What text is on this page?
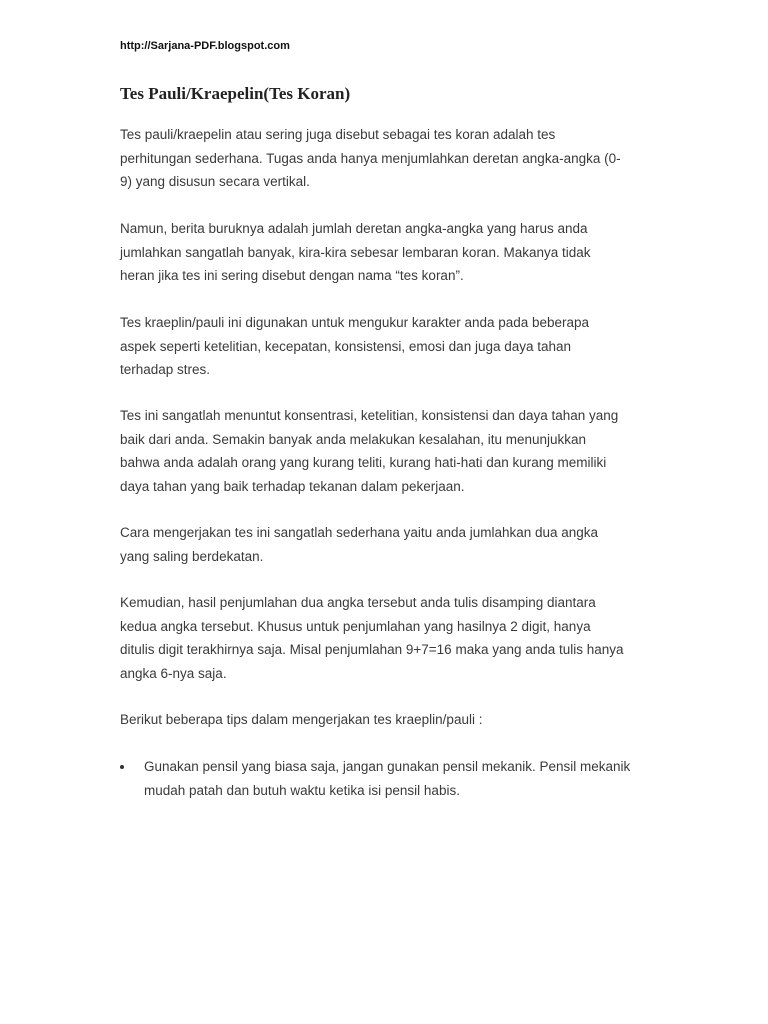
http://Sarjana-PDF.blogspot.com

Tes Pauli/Kraepelin(Tes Koran)

Tes pauli/kraepelin atau sering juga disebut sebagai tes koran adalah tes
perhitungan sederhana. Tugas anda hanya menjumlahkan deretan angka-angka (0-
9) yang disusun secara vertikal.

Namun, berita buruknya adalah jumlah deretan angka-angka yang harus anda
jumlahkan sangatlah banyak, kira-kira sebesar lembaran koran. Makanya tidak
heran jika tes ini sering disebut dengan nama “tes koran”.

Tes kraeplin/pauli ini digunakan untuk mengukur karakter anda pada beberapa
aspek seperti ketelitian, kecepatan, konsistensi, emosi dan juga daya tahan
terhadap stres.

Tes ini sangatlah menuntut konsentrasi, ketelitian, konsistensi dan daya tahan yang
baik dari anda. Semakin banyak anda melakukan kesalahan, itu menunjukkan
bahwa anda adalah orang yang kurang teliti, kurang hati-hati dan kurang memiliki
daya tahan yang baik terhadap tekanan dalam pekerjaan.

Cara mengerjakan tes ini sangatlah sederhana yaitu anda jumlahkan dua angka
yang saling berdekatan.

Kemudian, hasil penjumlahan dua angka tersebut anda tulis disamping diantara
kedua angka tersebut. Khusus untuk penjumlahan yang hasilnya 2 digit, hanya
ditulis digit terakhirnya saja. Misal penjumlahan 9+7=16 maka yang anda tulis hanya
angka 6-nya saja.

Berikut beberapa tips dalam mengerjakan tes kraeplin/pauli :

Gunakan pensil yang biasa saja, jangan gunakan pensil mekanik. Pensil mekanik
mudah patah dan butuh waktu ketika isi pensil habis.
